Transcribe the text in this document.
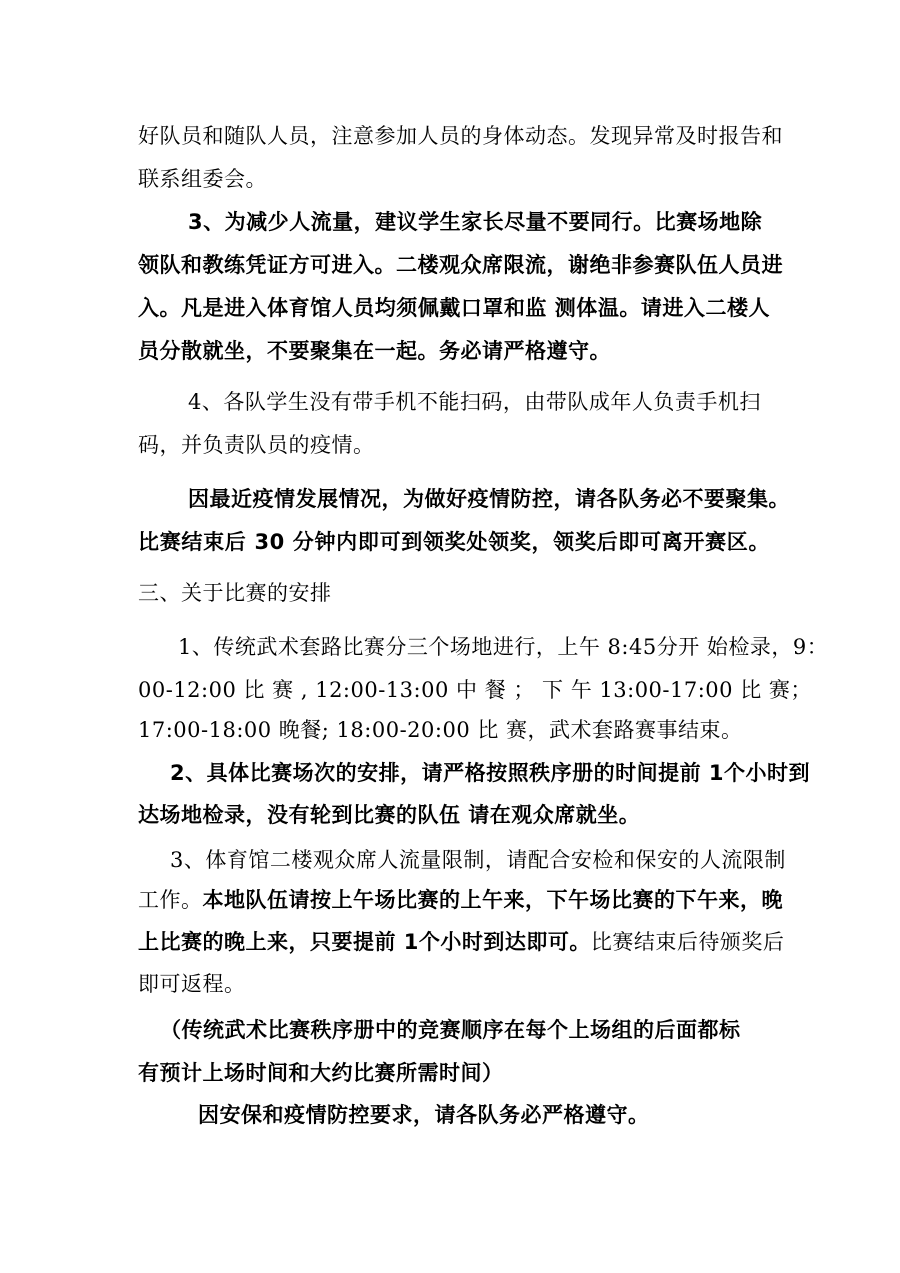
好队员和随队人员，注意参加人员的身体动态。发现异常及时报告和
联系组委会。
3、为减少人流量，建议学生家长尽量不要同行。比赛场地除
领队和教练凭证方可进入。二楼观众席限流，谢绝非参赛队伍人员进
入。凡是进入体育馆人员均须佩戴口罩和监 测体温。请进入二楼人
员分散就坐，不要聚集在一起。务必请严格遵守。
4、各队学生没有带手机不能扫码，由带队成年人负责手机扫
码，并负责队员的疫情。
因最近疫情发展情况，为做好疫情防控，请各队务必不要聚集。
比赛结束后 30 分钟内即可到领奖处领奖，领奖后即可离开赛区。
三、关于比赛的安排
1、传统武术套路比赛分三个场地进行，上午 8:45分开 始检录，9：
00-12:00 比 赛 , 12:00-13:00 中 餐 ； 下 午 13:00-17:00 比 赛；
17:00-18:00 晚餐; 18:00-20:00 比 赛，武术套路赛事结束。
2、具体比赛场次的安排，请严格按照秩序册的时间提前 1个小时到
达场地检录，没有轮到比赛的队伍 请在观众席就坐。
3、体育馆二楼观众席人流量限制，请配合安检和保安的人流限制
工作。本地队伍请按上午场比赛的上午来，下午场比赛的下午来，晚
上比赛的晚上来，只要提前 1个小时到达即可。比赛结束后待颁奖后
即可返程。
（传统武术比赛秩序册中的竞赛顺序在每个上场组的后面都标
有预计上场时间和大约比赛所需时间）
因安保和疫情防控要求，请各队务必严格遵守。
